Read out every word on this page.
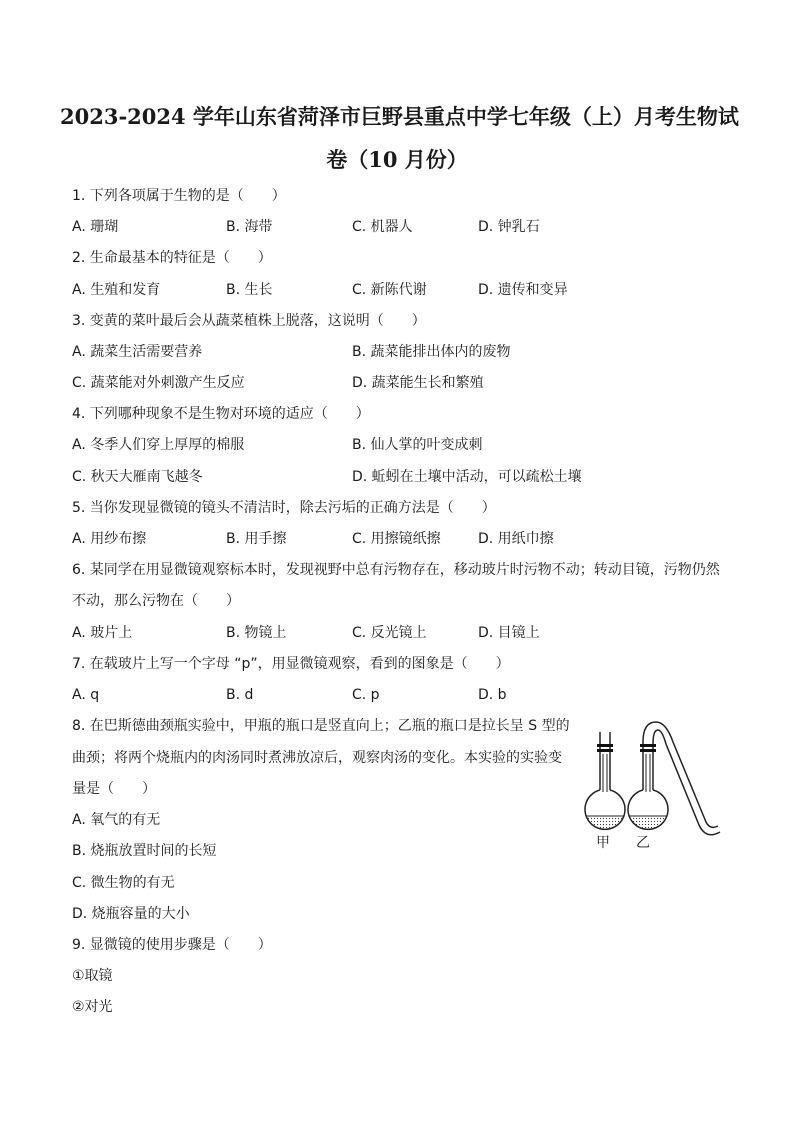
2023-2024 学年山东省菏泽市巨野县重点中学七年级（上）月考生物试
卷（10 月份）
1. 下列各项属于生物的是（　　）
A. 珊瑚	B. 海带	C. 机器人	D. 钟乳石
2. 生命最基本的特征是（　　）
A. 生殖和发育	B. 生长	C. 新陈代谢	D. 遗传和变异
3. 变黄的菜叶最后会从蔬菜植株上脱落，这说明（　　）
A. 蔬菜生活需要营养	B. 蔬菜能排出体内的废物
C. 蔬菜能对外刺激产生反应	D. 蔬菜能生长和繁殖
4. 下列哪种现象不是生物对环境的适应（　　）
A. 冬季人们穿上厚厚的棉服	B. 仙人掌的叶变成刺
C. 秋天大雁南飞越冬	D. 蚯蚓在土壤中活动，可以疏松土壤
5. 当你发现显微镜的镜头不清洁时，除去污垢的正确方法是（　　）
A. 用纱布擦	B. 用手擦	C. 用擦镜纸擦	D. 用纸巾擦
6. 某同学在用显微镜观察标本时，发现视野中总有污物存在，移动玻片时污物不动；转动目镜，污物仍然
不动，那么污物在（　　）
A. 玻片上	B. 物镜上	C. 反光镜上	D. 目镜上
7. 在载玻片上写一个字母 “p”，用显微镜观察，看到的图象是（　　）
A. q	B. d	C. p	D. b
8. 在巴斯德曲颈瓶实验中，甲瓶的瓶口是竖直向上；乙瓶的瓶口是拉长呈 S 型的
曲颈；将两个烧瓶内的肉汤同时煮沸放凉后，观察肉汤的变化。本实验的实验变
量是（　　）
A. 氧气的有无
B. 烧瓶放置时间的长短
C. 微生物的有无
D. 烧瓶容量的大小
甲 乙
9. 显微镜的使用步骤是（　　）
①取镜
②对光
